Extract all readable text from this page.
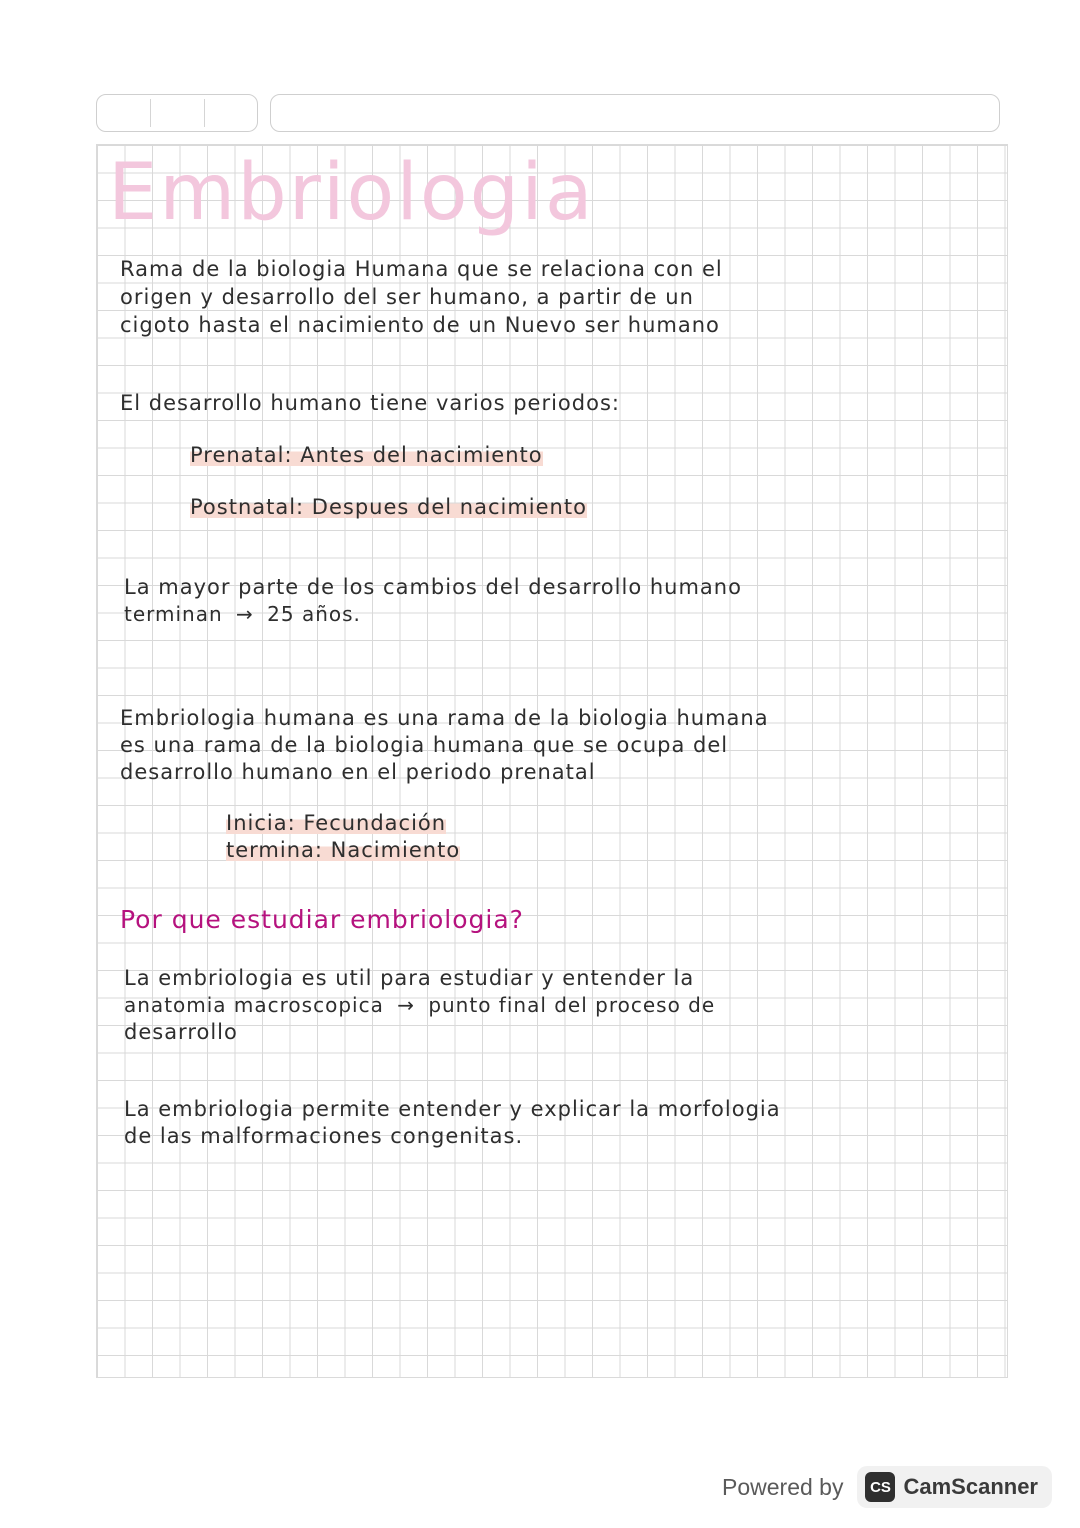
Embriologia
Rama de la biologia Humana que se relaciona con el
origen y desarrollo del ser humano, a partir de un
cigoto hasta el nacimiento de un Nuevo ser humano
El desarrollo humano tiene varios periodos:
Prenatal: Antes del nacimiento
Postnatal: Despues del nacimiento
La mayor parte de los cambios del desarrollo humano
terminan → 25 años.
Embriologia humana es una rama de la biologia humana
es una rama de la biologia humana que se ocupa del
desarrollo humano en el periodo prenatal
Inicia: Fecundación
termina: Nacimiento
Por que estudiar embriologia?
La embriologia es util para estudiar y entender la
anatomia macroscopica → punto final del proceso de
desarrollo
La embriologia permite entender y explicar la morfologia
de las malformaciones congenitas.
Powered by	CS CamScanner
